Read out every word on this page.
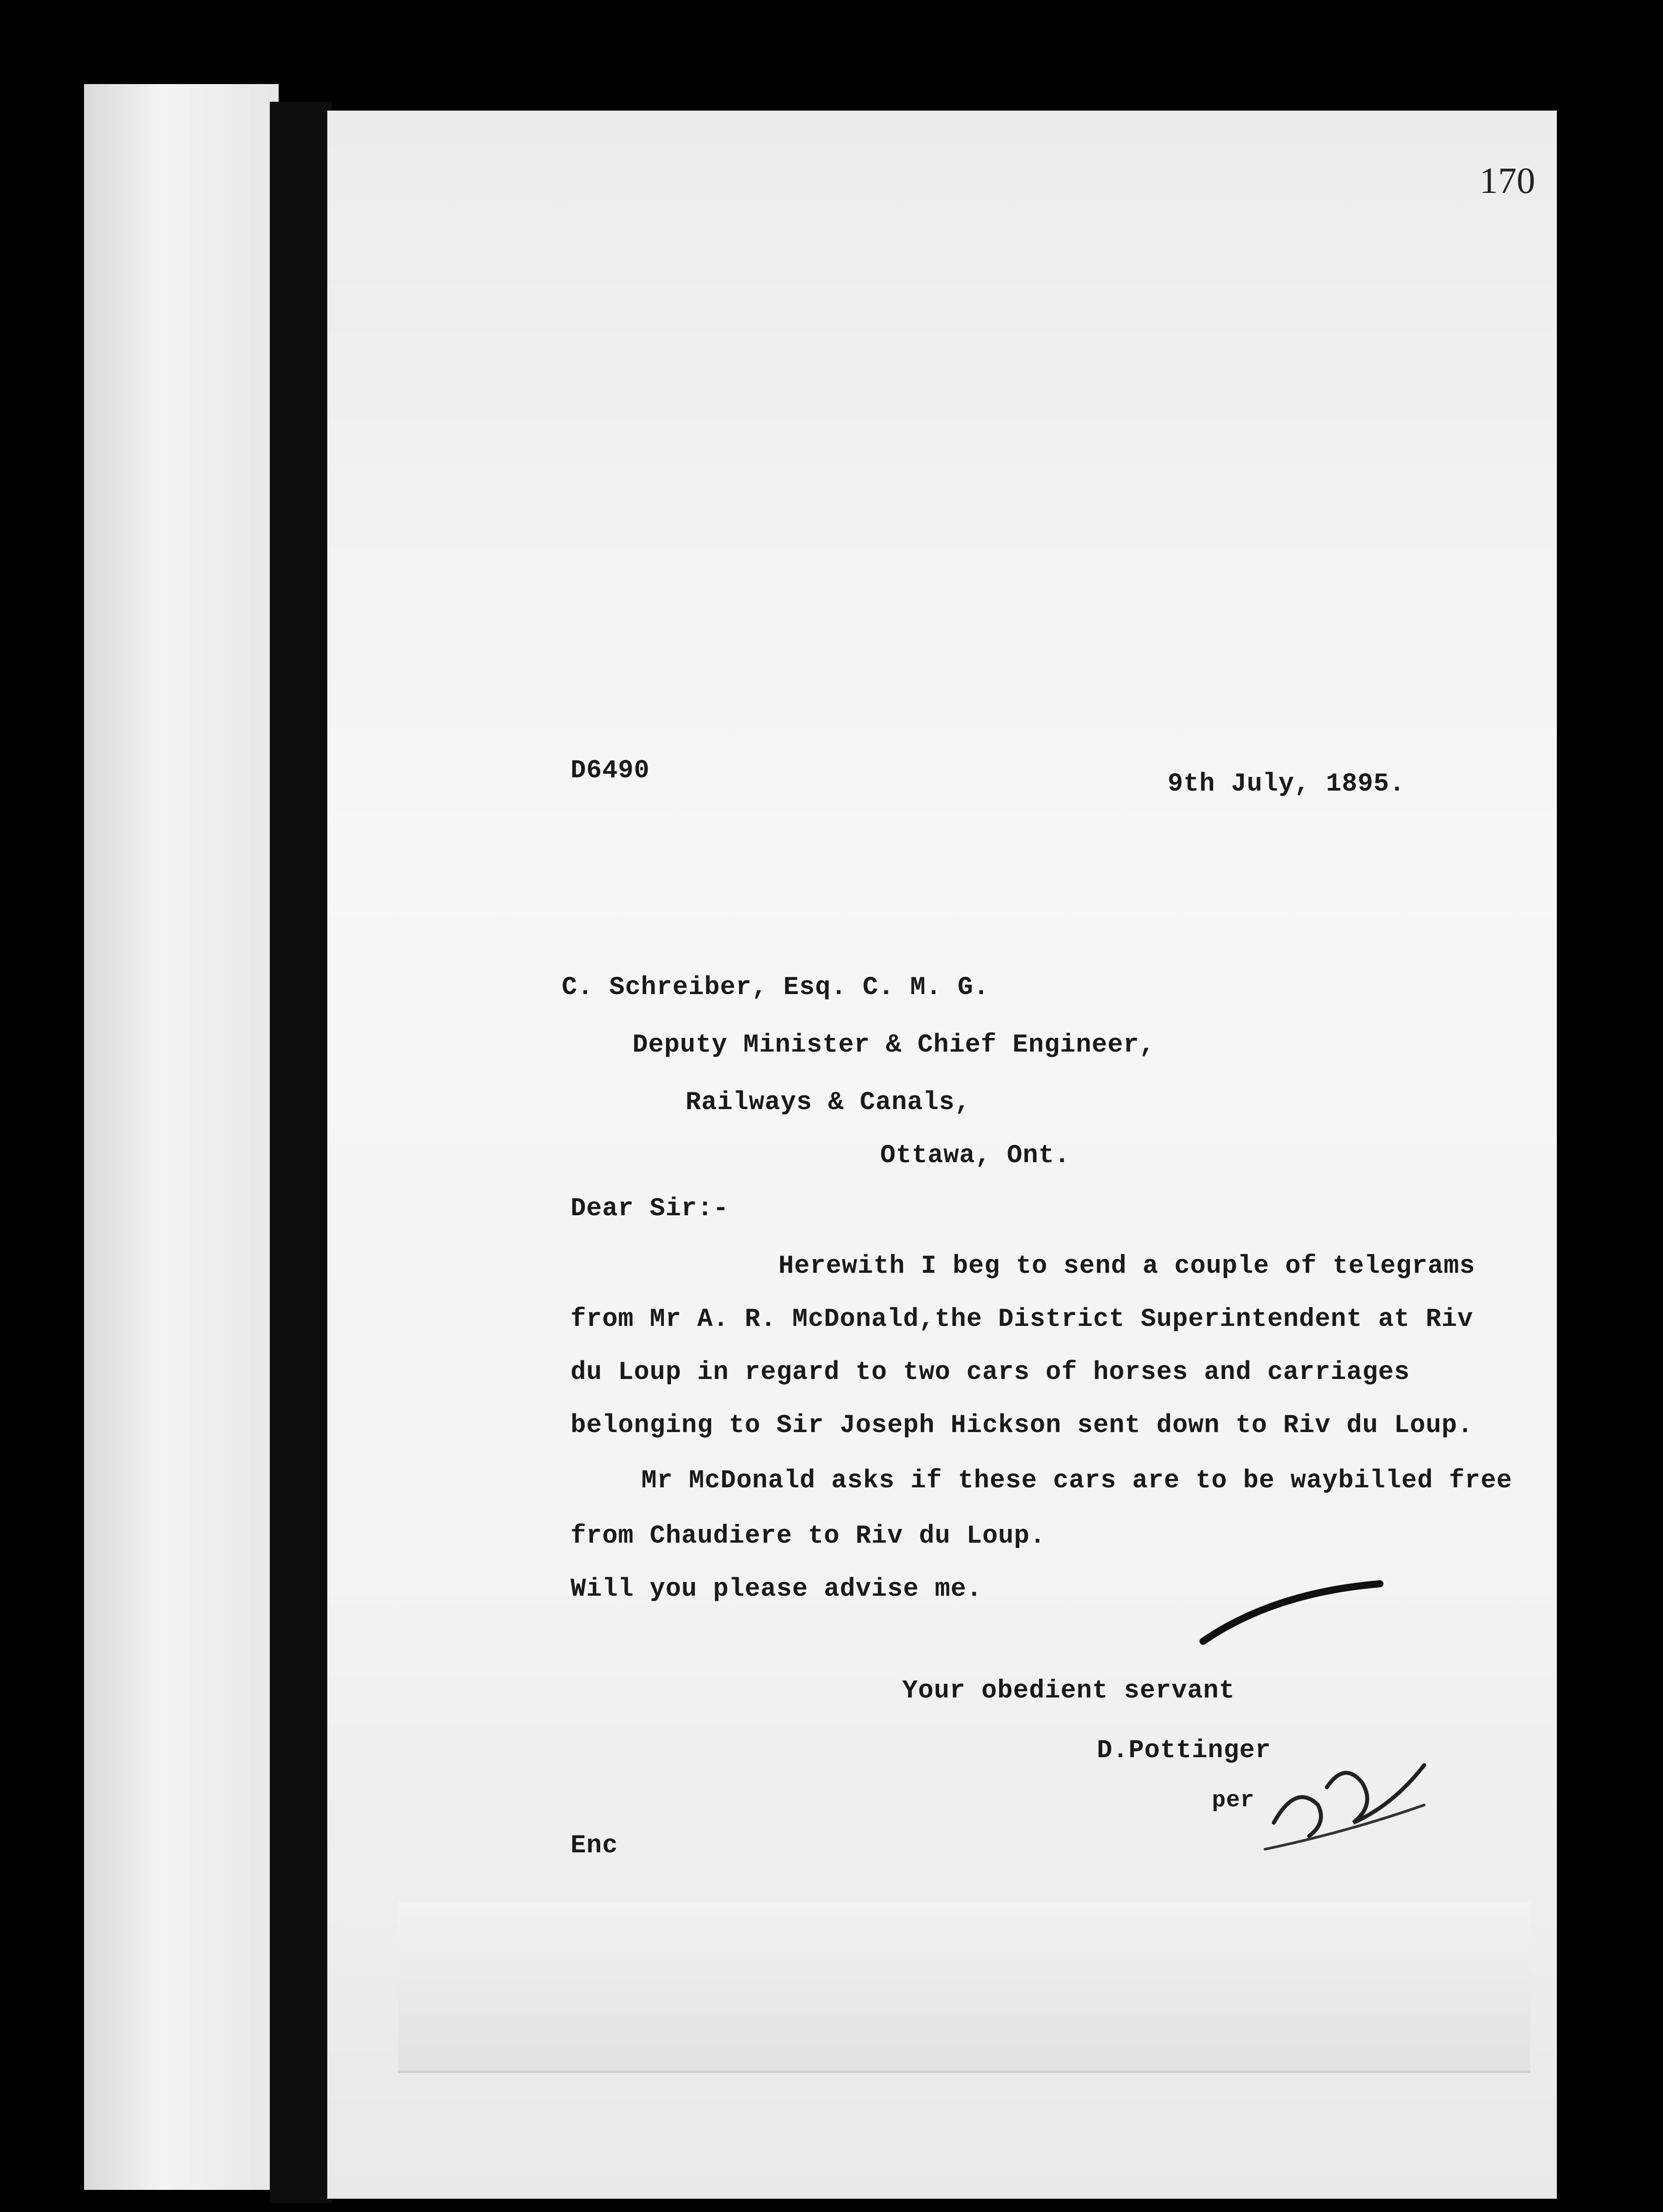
170
D6490	9th July, 1895.
C. Schreiber, Esq. C. M. G.
Deputy Minister & Chief Engineer,
Railways & Canals,
Ottawa, Ont.
Dear Sir:-
Herewith I beg to send a couple of telegrams
from Mr A. R. McDonald,the District Superintendent at Riv
du Loup in regard to two cars of horses and carriages
belonging to Sir Joseph Hickson sent down to Riv du Loup.
Mr McDonald asks if these cars are to be waybilled free
from Chaudiere to Riv du Loup.
Will you please advise me.
Your obedient servant
D.Pottinger
per
Enc
